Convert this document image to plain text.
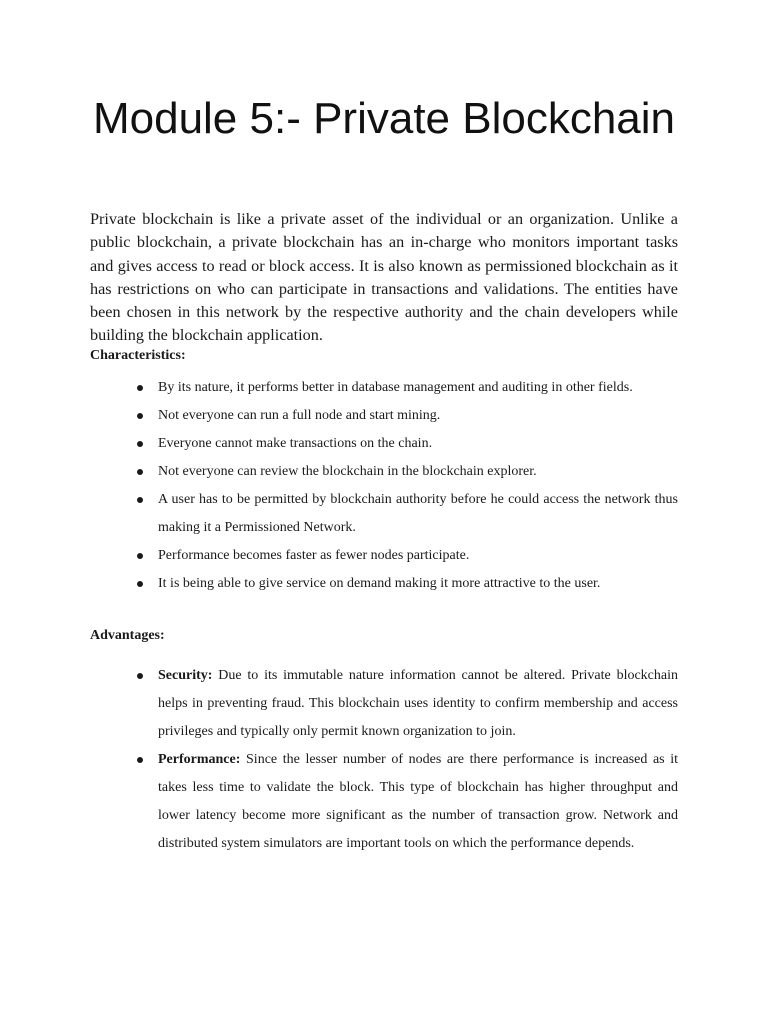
Module 5:- Private Blockchain

Private blockchain is like a private asset of the individual or an organization. Unlike a public blockchain, a private blockchain has an in-charge who monitors important tasks and gives access to read or block access. It is also known as permissioned blockchain as it has restrictions on who can participate in transactions and validations. The entities have been chosen in this network by the respective authority and the chain developers while building the blockchain application.

Characteristics:

By its nature, it performs better in database management and auditing in other fields.
Not everyone can run a full node and start mining.
Everyone cannot make transactions on the chain.
Not everyone can review the blockchain in the blockchain explorer.
A user has to be permitted by blockchain authority before he could access the network thus making it a Permissioned Network.
Performance becomes faster as fewer nodes participate.
It is being able to give service on demand making it more attractive to the user.

Advantages:

Security: Due to its immutable nature information cannot be altered. Private blockchain helps in preventing fraud. This blockchain uses identity to confirm membership and access privileges and typically only permit known organization to join.
Performance: Since the lesser number of nodes are there performance is increased as it takes less time to validate the block. This type of blockchain has higher throughput and lower latency become more significant as the number of transaction grow. Network and distributed system simulators are important tools on which the performance depends.
